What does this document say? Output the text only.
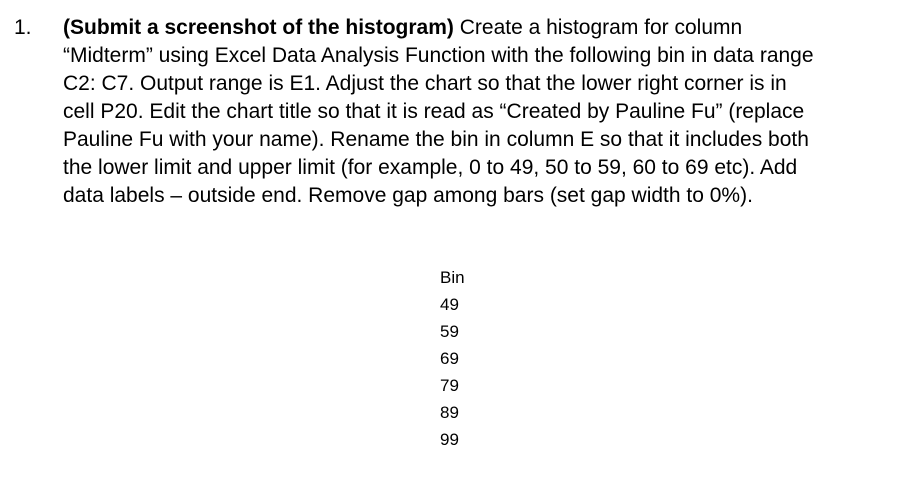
1. (Submit a screenshot of the histogram) Create a histogram for column
“Midterm” using Excel Data Analysis Function with the following bin in data range
C2: C7. Output range is E1. Adjust the chart so that the lower right corner is in
cell P20. Edit the chart title so that it is read as “Created by Pauline Fu” (replace
Pauline Fu with your name). Rename the bin in column E so that it includes both
the lower limit and upper limit (for example, 0 to 49, 50 to 59, 60 to 69 etc). Add
data labels – outside end. Remove gap among bars (set gap width to 0%).
Bin
49
59
69
79
89
99
